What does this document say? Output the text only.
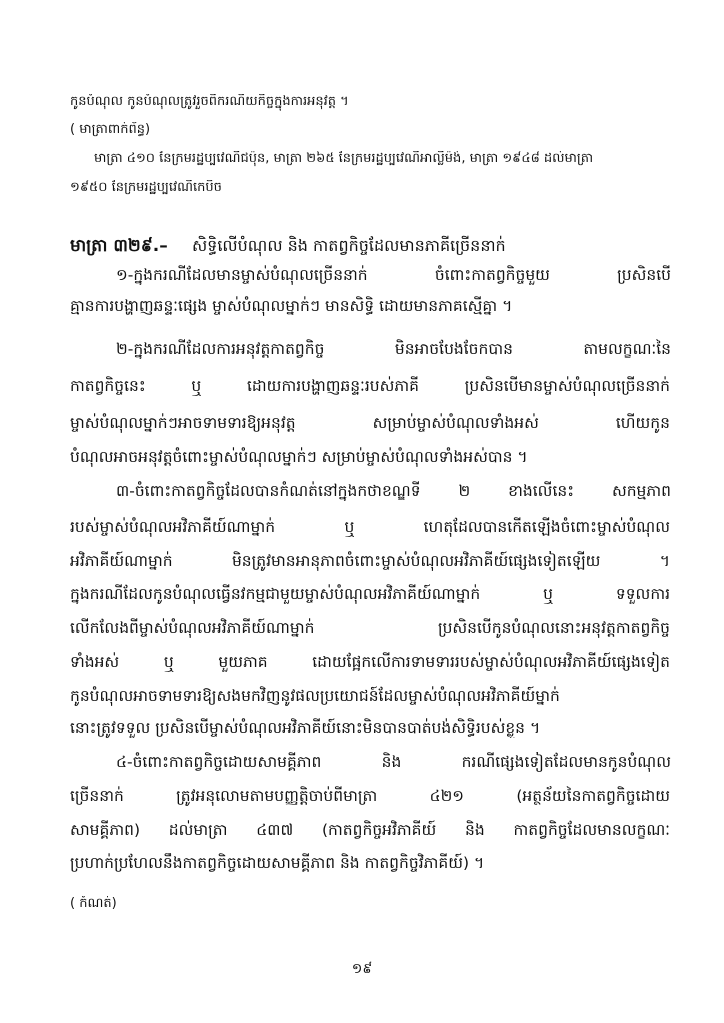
កូនបំណុល កូនបំណុលត្រូវរួចពីករណីយកិច្ចក្នុងការអនុវត្ត ។
( មាត្រាពាក់ព័ន្ធ)
មាត្រា ៤១០ នៃក្រមរដ្ឋប្បវេណីជប៉ុន, មាត្រា ២៦៥ នៃក្រមរដ្ឋប្បវេណីអាល្លឺម៉ង់, មាត្រា ១៩៤៨ ដល់មាត្រា
១៩៥០ នៃក្រមរដ្ឋប្បវេណីកេបិច
មាត្រា ៣២៩.– សិទ្ធិលើបំណុល និង កាតព្វកិច្ចដែលមានភាគីច្រើននាក់
១-ក្នុងករណីដែលមានម្ចាស់បំណុលច្រើននាក់ ចំពោះកាតព្វកិច្ចមួយ ប្រសិនបើ
គ្មានការបង្ហាញឆន្ទៈផ្សេង ម្ចាស់បំណុលម្នាក់ៗ មានសិទ្ធិ ដោយមានភាគស្មើគ្នា ។
២-ក្នុងករណីដែលការអនុវត្តកាតព្វកិច្ច មិនអាចបែងចែកបាន តាមលក្ខណៈនៃ
កាតព្វកិច្ចនេះ ឬ ដោយការបង្ហាញឆន្ទៈរបស់ភាគី ប្រសិនបើមានម្ចាស់បំណុលច្រើននាក់
ម្ចាស់បំណុលម្នាក់ៗអាចទាមទារឱ្យអនុវត្ត សម្រាប់ម្ចាស់បំណុលទាំងអស់ ហើយកូន
បំណុលអាចអនុវត្តចំពោះម្ចាស់បំណុលម្នាក់ៗ សម្រាប់ម្ចាស់បំណុលទាំងអស់បាន ។
៣-ចំពោះកាតព្វកិច្ចដែលបានកំណត់នៅក្នុងកថាខណ្ឌទី ២ ខាងលើនេះ សកម្មភាព
របស់ម្ចាស់បំណុលអវិភាគីយ៍ណាម្នាក់ ឬ ហេតុដែលបានកើតឡើងចំពោះម្ចាស់បំណុល
អវិភាគីយ៍ណាម្នាក់ មិនត្រូវមានអានុភាពចំពោះម្ចាស់បំណុលអវិភាគីយ៍ផ្សេងទៀតឡើយ ។
ក្នុងករណីដែលកូនបំណុលធ្វើនវកម្មជាមួយម្ចាស់បំណុលអវិភាគីយ៍ណាម្នាក់ ឬ ទទួលការ
លើកលែងពីម្ចាស់បំណុលអវិភាគីយ៍ណាម្នាក់ ប្រសិនបើកូនបំណុលនោះអនុវត្តកាតព្វកិច្ច
ទាំងអស់ ឬ មួយភាគ ដោយផ្អែកលើការទាមទាររបស់ម្ចាស់បំណុលអវិភាគីយ៍ផ្សេងទៀត
កូនបំណុលអាចទាមទារឱ្យសងមកវិញនូវផលប្រយោជន៍ដែលម្ចាស់បំណុលអវិភាគីយ៍ម្នាក់
នោះត្រូវទទួល ប្រសិនបើម្ចាស់បំណុលអវិភាគីយ៍នោះមិនបានបាត់បង់សិទ្ធិរបស់ខ្លួន ។
៤-ចំពោះកាតព្វកិច្ចដោយសាមគ្គីភាព និង ករណីផ្សេងទៀតដែលមានកូនបំណុល
ច្រើននាក់ ត្រូវអនុលោមតាមបញ្ញត្តិចាប់ពីមាត្រា ៤២១ (អត្ថន័យនៃកាតព្វកិច្ចដោយ
សាមគ្គីភាព) ដល់មាត្រា ៤៣៧ (កាតព្វកិច្ចអវិភាគីយ៍ និង កាតព្វកិច្ចដែលមានលក្ខណៈ
ប្រហាក់ប្រហែលនឹងកាតព្វកិច្ចដោយសាមគ្គីភាព និង កាតព្វកិច្ចវិភាគីយ៍) ។
( កំណត់)
១៩
